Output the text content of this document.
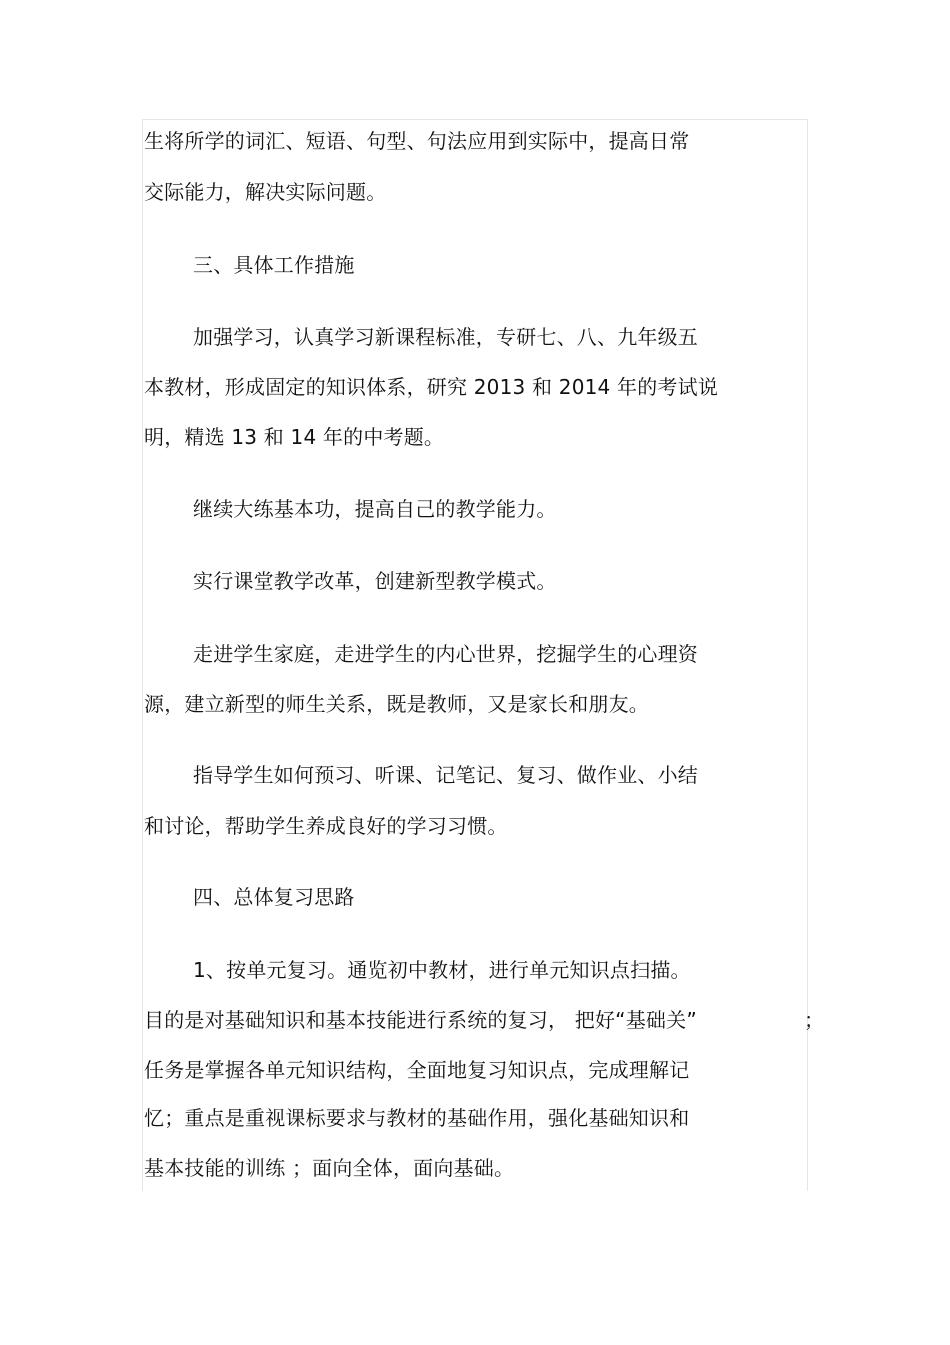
生将所学的词汇、短语、句型、句法应用到实际中，提高日常
交际能力，解决实际问题。
三、具体工作措施
加强学习，认真学习新课程标准，专研七、八、九年级五
本教材，形成固定的知识体系，研究 2013 和 2014 年的考试说
明，精选 13 和 14 年的中考题。
继续大练基本功，提高自己的教学能力。
实行课堂教学改革，创建新型教学模式。
走进学生家庭，走进学生的内心世界，挖掘学生的心理资
源，建立新型的师生关系，既是教师，又是家长和朋友。
指导学生如何预习、听课、记笔记、复习、做作业、小结
和讨论，帮助学生养成良好的学习习惯。
四、总体复习思路
1、按单元复习。通览初中教材，进行单元知识点扫描。
目的是对基础知识和基本技能进行系统的复习， 把好“基础关”	；
任务是掌握各单元知识结构，全面地复习知识点，完成理解记
忆；重点是重视课标要求与教材的基础作用，强化基础知识和
基本技能的训练 ；面向全体，面向基础。
